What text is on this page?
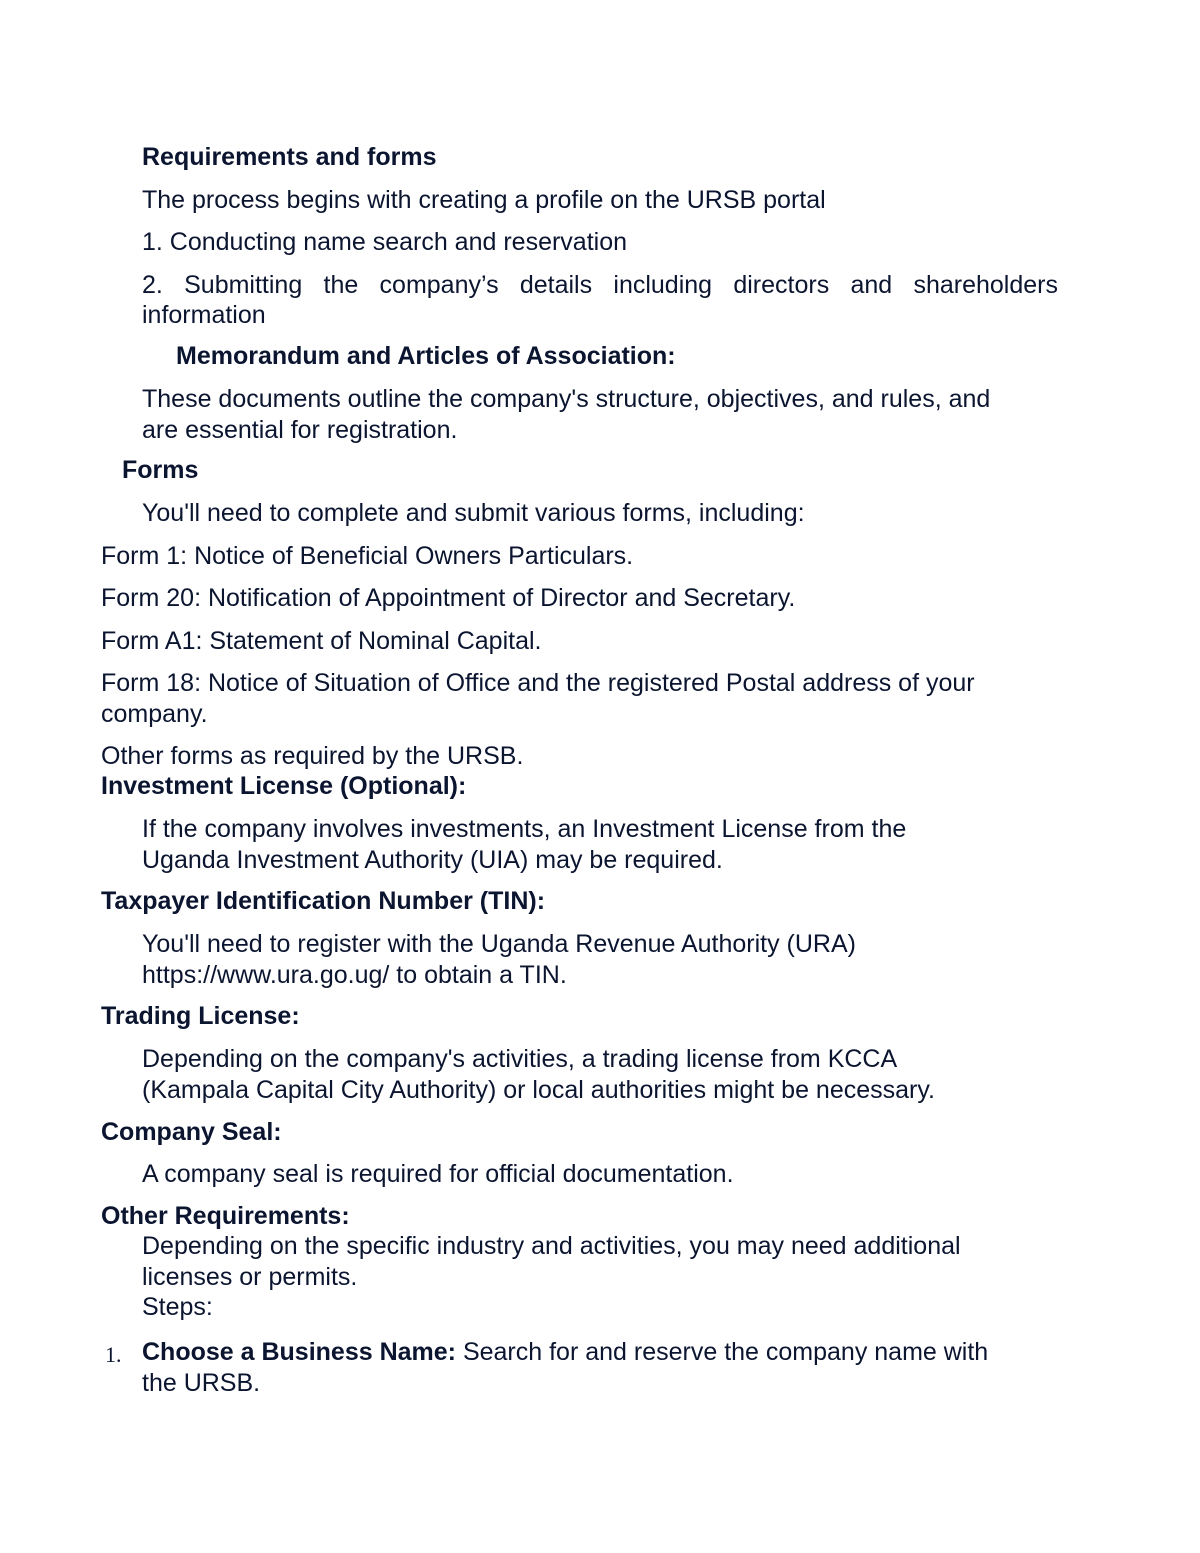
Requirements and forms

The process begins with creating a profile on the URSB portal

1. Conducting name search and reservation

2. Submitting the company’s details including directors and shareholders

information

Memorandum and Articles of Association:

These documents outline the company's structure, objectives, and rules, and

are essential for registration.

Forms

You'll need to complete and submit various forms, including:

Form 1: Notice of Beneficial Owners Particulars.

Form 20: Notification of Appointment of Director and Secretary.

Form A1: Statement of Nominal Capital.

Form 18: Notice of Situation of Office and the registered Postal address of your

company.

Other forms as required by the URSB.

Investment License (Optional):

If the company involves investments, an Investment License from the

Uganda Investment Authority (UIA) may be required.

Taxpayer Identification Number (TIN):

You'll need to register with the Uganda Revenue Authority (URA)

https://www.ura.go.ug/ to obtain a TIN.

Trading License:

Depending on the company's activities, a trading license from KCCA

(Kampala Capital City Authority) or local authorities might be necessary.

Company Seal:

A company seal is required for official documentation.

Other Requirements:

Depending on the specific industry and activities, you may need additional

licenses or permits.

Steps:

1. Choose a Business Name: Search for and reserve the company name with

the URSB.
